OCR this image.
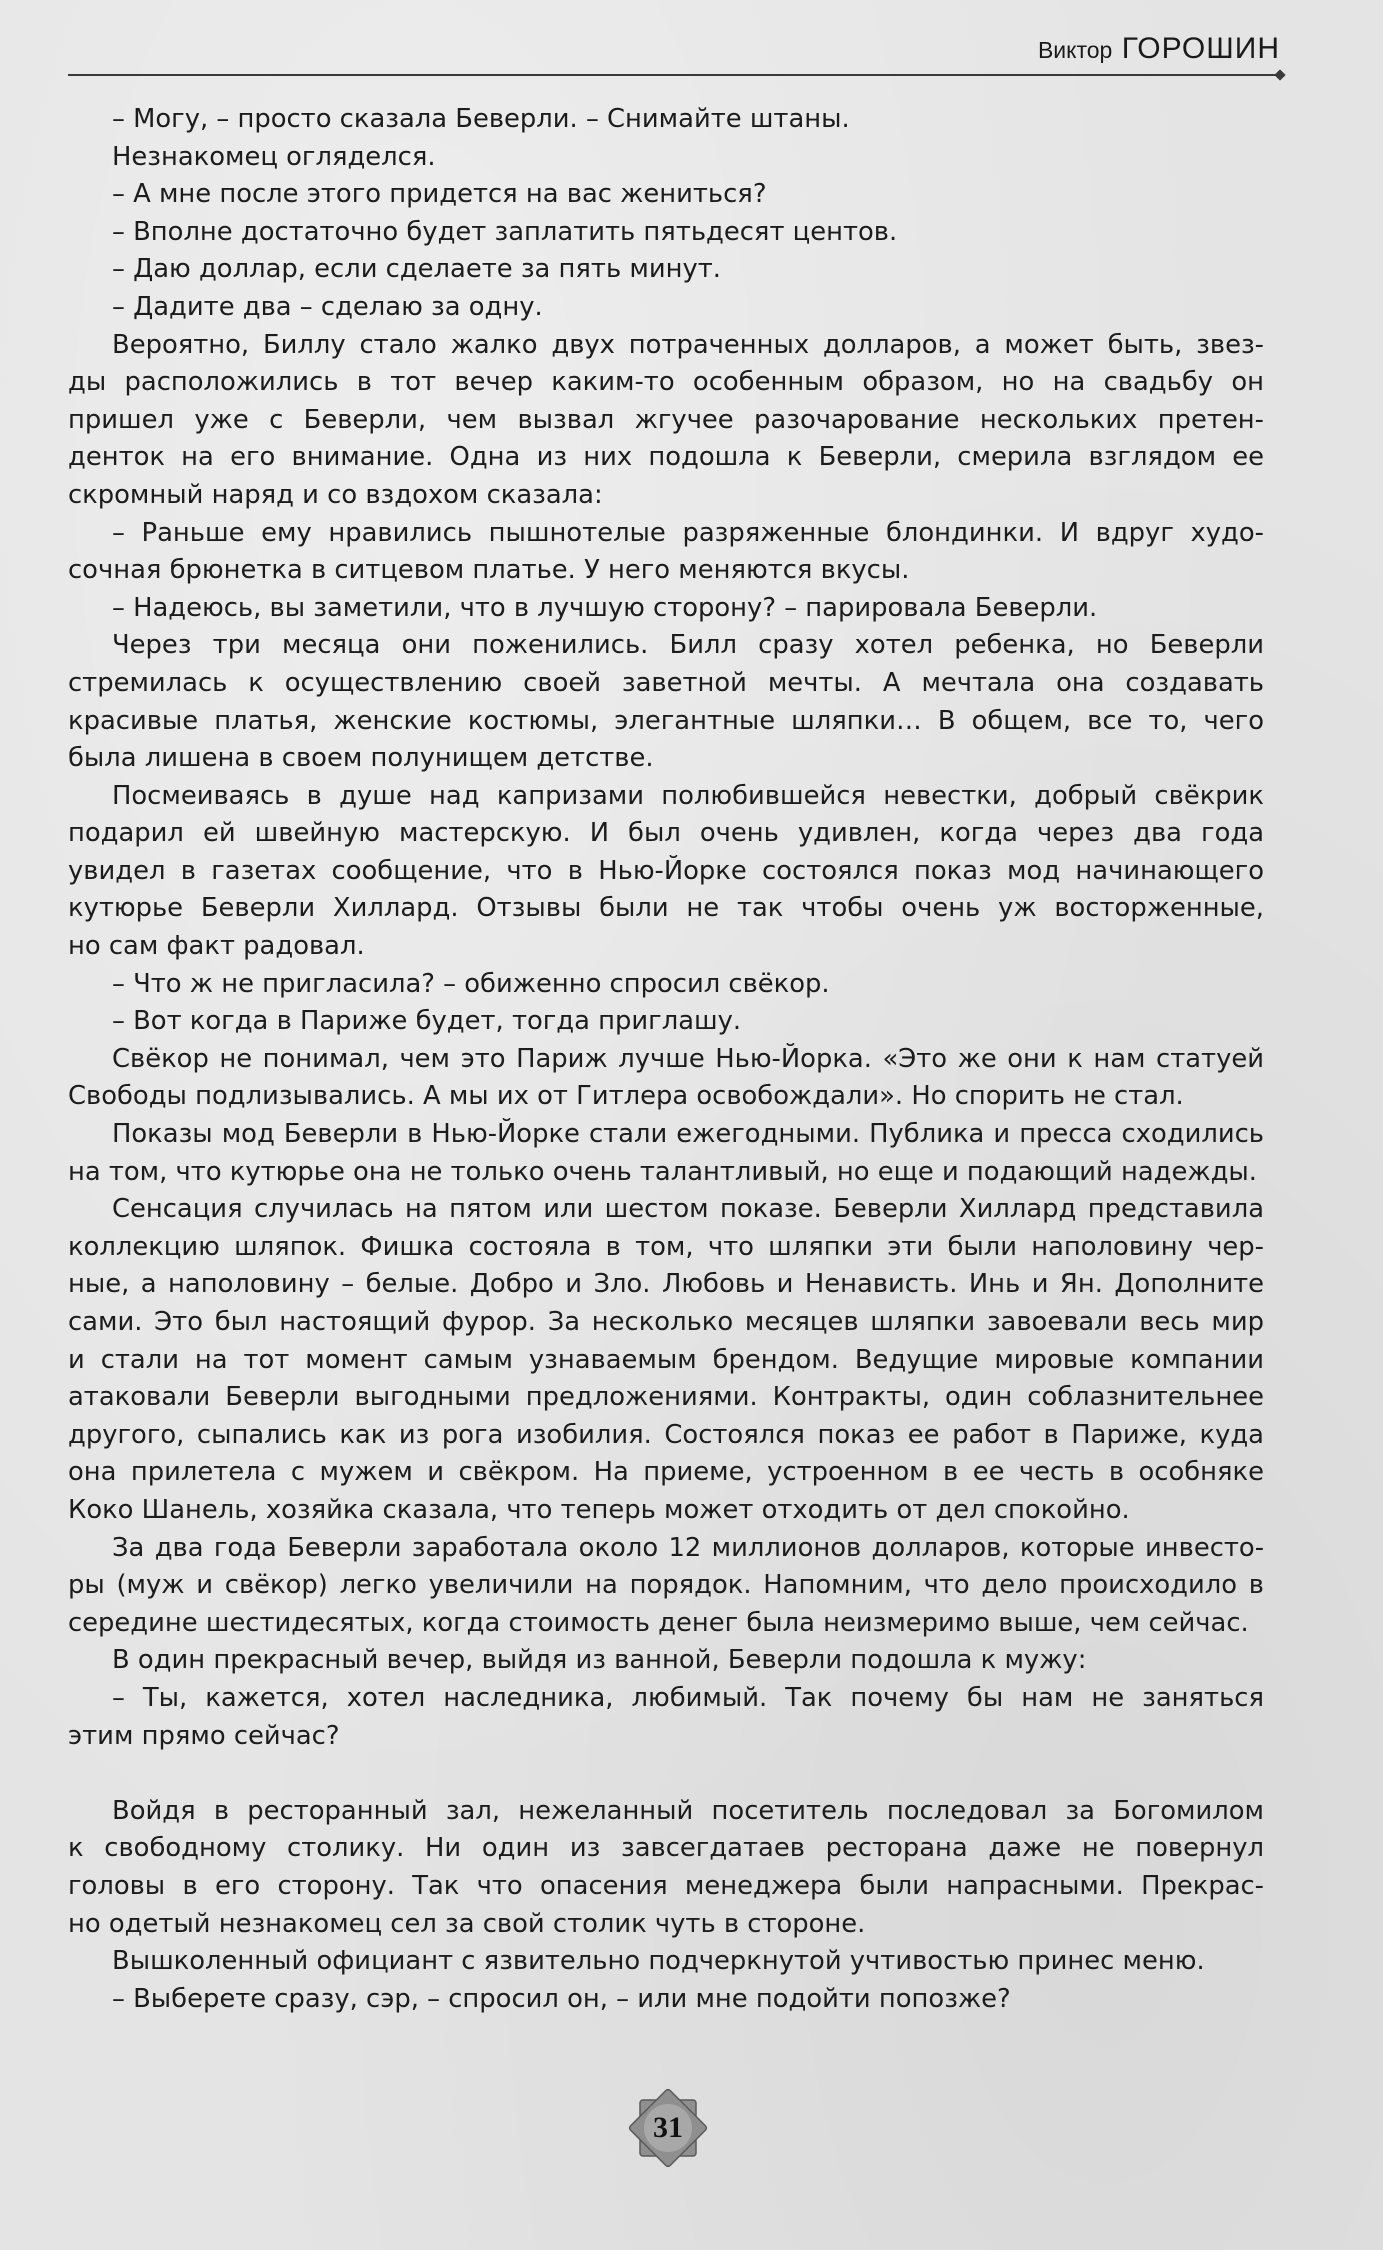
Виктор ГОРОШИН
– Могу, – просто сказала Беверли. – Снимайте штаны.
Незнакомец огляделся.
– А мне после этого придется на вас жениться?
– Вполне достаточно будет заплатить пятьдесят центов.
– Даю доллар, если сделаете за пять минут.
– Дадите два – сделаю за одну.
Вероятно, Биллу стало жалко двух потраченных долларов, а может быть, звез-
ды расположились в тот вечер каким-то особенным образом, но на свадьбу он
пришел уже с Беверли, чем вызвал жгучее разочарование нескольких претен-
денток на его внимание. Одна из них подошла к Беверли, смерила взглядом ее
скромный наряд и со вздохом сказала:
– Раньше ему нравились пышнотелые разряженные блондинки. И вдруг худо-
сочная брюнетка в ситцевом платье. У него меняются вкусы.
– Надеюсь, вы заметили, что в лучшую сторону? – парировала Беверли.
Через три месяца они поженились. Билл сразу хотел ребенка, но Беверли
стремилась к осуществлению своей заветной мечты. А мечтала она создавать
красивые платья, женские костюмы, элегантные шляпки… В общем, все то, чего
была лишена в своем полунищем детстве.
Посмеиваясь в душе над капризами полюбившейся невестки, добрый свёкрик
подарил ей швейную мастерскую. И был очень удивлен, когда через два года
увидел в газетах сообщение, что в Нью-Йорке состоялся показ мод начинающего
кутюрье Беверли Хиллард. Отзывы были не так чтобы очень уж восторженные,
но сам факт радовал.
– Что ж не пригласила? – обиженно спросил свёкор.
– Вот когда в Париже будет, тогда приглашу.
Свёкор не понимал, чем это Париж лучше Нью-Йорка. «Это же они к нам статуей
Свободы подлизывались. А мы их от Гитлера освобождали». Но спорить не стал.
Показы мод Беверли в Нью-Йорке стали ежегодными. Публика и пресса сходились
на том, что кутюрье она не только очень талантливый, но еще и подающий надежды.
Сенсация случилась на пятом или шестом показе. Беверли Хиллард представила
коллекцию шляпок. Фишка состояла в том, что шляпки эти были наполовину чер-
ные, а наполовину – белые. Добро и Зло. Любовь и Ненависть. Инь и Ян. Дополните
сами. Это был настоящий фурор. За несколько месяцев шляпки завоевали весь мир
и стали на тот момент самым узнаваемым брендом. Ведущие мировые компании
атаковали Беверли выгодными предложениями. Контракты, один соблазнительнее
другого, сыпались как из рога изобилия. Состоялся показ ее работ в Париже, куда
она прилетела с мужем и свёкром. На приеме, устроенном в ее честь в особняке
Коко Шанель, хозяйка сказала, что теперь может отходить от дел спокойно.
За два года Беверли заработала около 12 миллионов долларов, которые инвесто-
ры (муж и свёкор) легко увеличили на порядок. Напомним, что дело происходило в
середине шестидесятых, когда стоимость денег была неизмеримо выше, чем сейчас.
В один прекрасный вечер, выйдя из ванной, Беверли подошла к мужу:
– Ты, кажется, хотел наследника, любимый. Так почему бы нам не заняться
этим прямо сейчас?
Войдя в ресторанный зал, нежеланный посетитель последовал за Богомилом
к свободному столику. Ни один из завсегдатаев ресторана даже не повернул
головы в его сторону. Так что опасения менеджера были напрасными. Прекрас-
но одетый незнакомец сел за свой столик чуть в стороне.
Вышколенный официант с язвительно подчеркнутой учтивостью принес меню.
– Выберете сразу, сэр, – спросил он, – или мне подойти попозже?
31
